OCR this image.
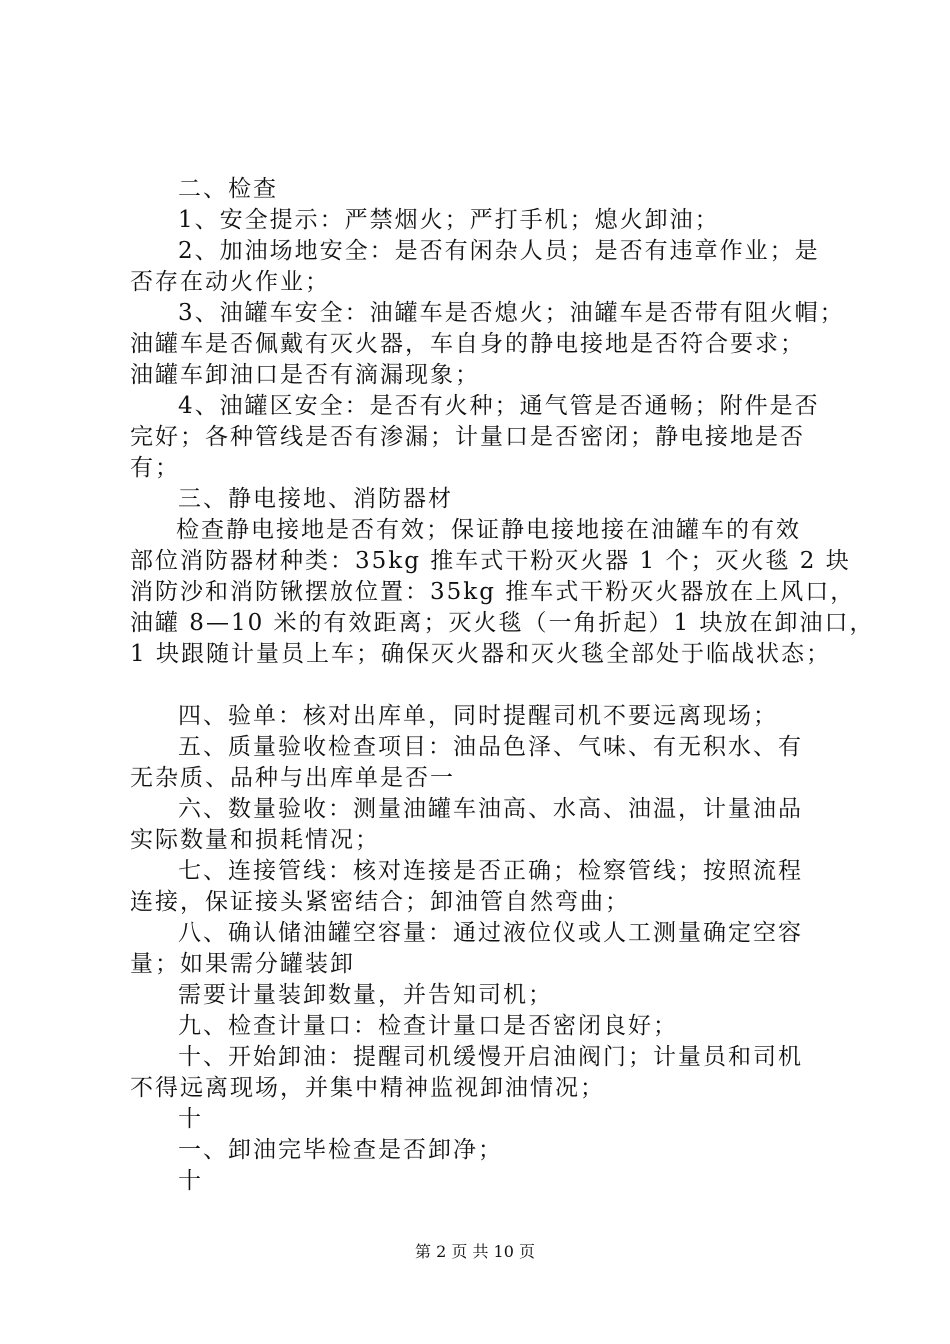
二、检查
1、安全提示：严禁烟火；严打手机；熄火卸油；
2、加油场地安全：是否有闲杂人员；是否有违章作业；是
否存在动火作业；
3、油罐车安全：油罐车是否熄火；油罐车是否带有阻火帽；
油罐车是否佩戴有灭火器，车自身的静电接地是否符合要求；
油罐车卸油口是否有滴漏现象；
4、油罐区安全：是否有火种；通气管是否通畅；附件是否
完好；各种管线是否有渗漏；计量口是否密闭；静电接地是否
有；
三、静电接地、消防器材
检查静电接地是否有效；保证静电接地接在油罐车的有效
部位消防器材种类：35kg 推车式干粉灭火器 1 个；灭火毯 2 块
消防沙和消防锹摆放位置：35kg 推车式干粉灭火器放在上风口，
油罐 8—10 米的有效距离；灭火毯（一角折起）1 块放在卸油口，
1 块跟随计量员上车；确保灭火器和灭火毯全部处于临战状态；
四、验单：核对出库单，同时提醒司机不要远离现场；
五、质量验收检查项目：油品色泽、气味、有无积水、有
无杂质、品种与出库单是否一
六、数量验收：测量油罐车油高、水高、油温，计量油品
实际数量和损耗情况；
七、连接管线：核对连接是否正确；检察管线；按照流程
连接，保证接头紧密结合；卸油管自然弯曲；
八、确认储油罐空容量：通过液位仪或人工测量确定空容
量；如果需分罐装卸
需要计量装卸数量，并告知司机；
九、检查计量口：检查计量口是否密闭良好；
十、开始卸油：提醒司机缓慢开启油阀门；计量员和司机
不得远离现场，并集中精神监视卸油情况；
十
一、卸油完毕检查是否卸净；
十
第 2 页 共 10 页
